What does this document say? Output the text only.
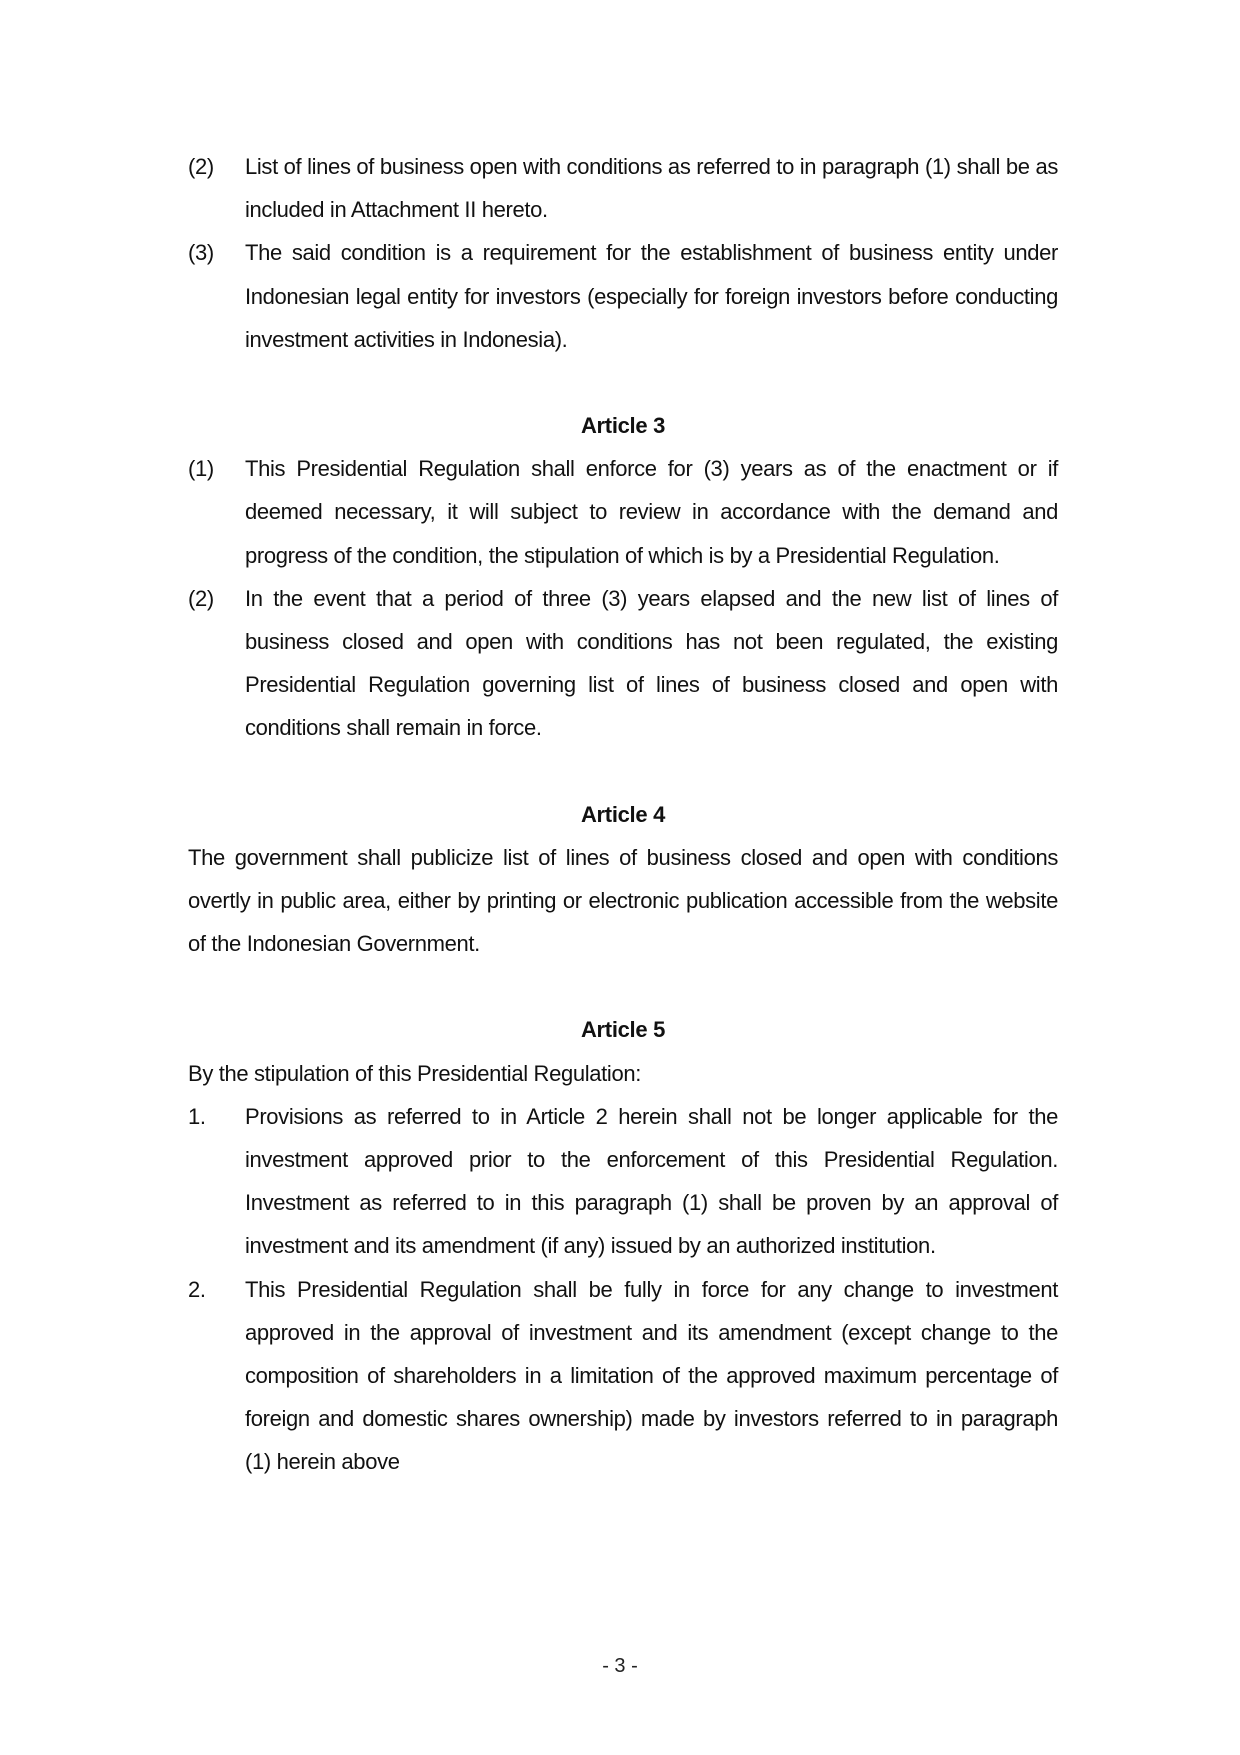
(2)	List of lines of business open with conditions as referred to in paragraph (1) shall be as included in Attachment II hereto.
(3)	The said condition is a requirement for the establishment of business entity under Indonesian legal entity for investors (especially for foreign investors before conducting investment activities in Indonesia).
Article 3
(1)	This Presidential Regulation shall enforce for (3) years as of the enactment or if deemed necessary, it will subject to review in accordance with the demand and progress of the condition, the stipulation of which is by a Presidential Regulation.
(2)	In the event that a period of three (3) years elapsed and the new list of lines of business closed and open with conditions has not been regulated, the existing Presidential Regulation governing list of lines of business closed and open with conditions shall remain in force.
Article 4
The government shall publicize list of lines of business closed and open with conditions overtly in public area, either by printing or electronic publication accessible from the website of the Indonesian Government.
Article 5
By the stipulation of this Presidential Regulation:
1.	Provisions as referred to in Article 2 herein shall not be longer applicable for the investment approved prior to the enforcement of this Presidential Regulation. Investment as referred to in this paragraph (1) shall be proven by an approval of investment and its amendment (if any) issued by an authorized institution.
2.	This Presidential Regulation shall be fully in force for any change to investment approved in the approval of investment and its amendment (except change to the composition of shareholders in a limitation of the approved maximum percentage of foreign and domestic shares ownership) made by investors referred to in paragraph (1) herein above
- 3 -
